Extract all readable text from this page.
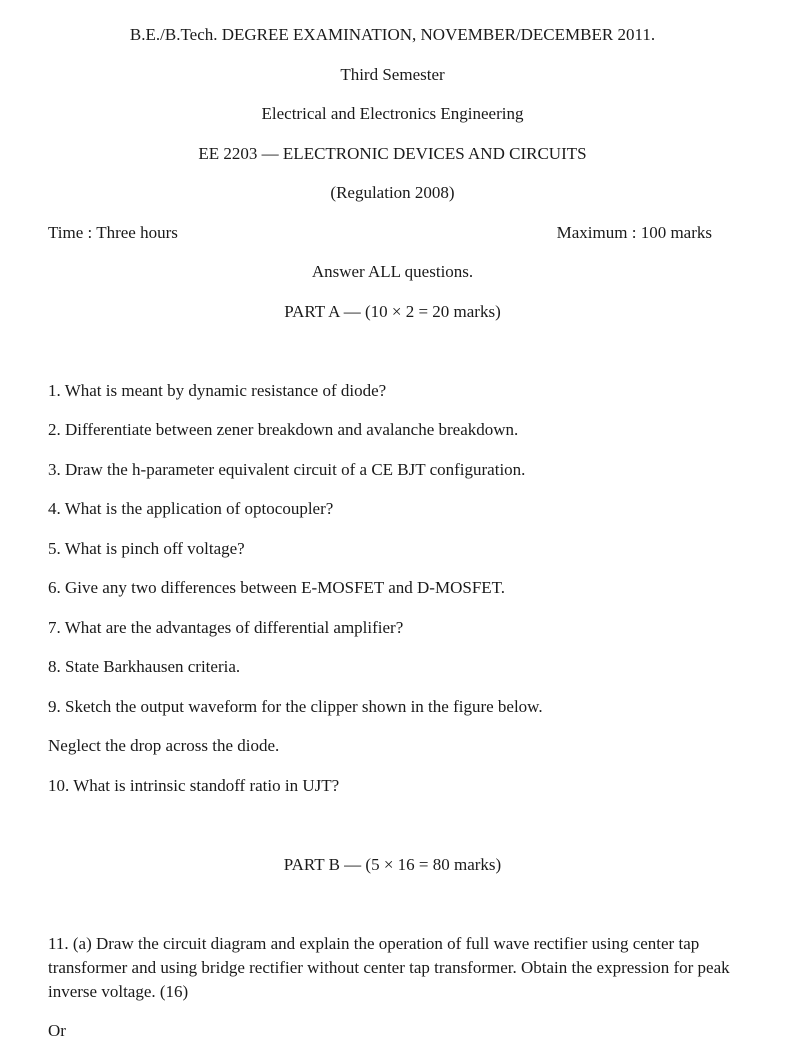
B.E./B.Tech. DEGREE EXAMINATION, NOVEMBER/DECEMBER 2011.
Third Semester
Electrical and Electronics Engineering
EE 2203 — ELECTRONIC DEVICES AND CIRCUITS
(Regulation 2008)
Time : Three hours	Maximum : 100 marks
Answer ALL questions.
PART A — (10 × 2 = 20 marks)
1. What is meant by dynamic resistance of diode?
2. Differentiate between zener breakdown and avalanche breakdown.
3. Draw the h-parameter equivalent circuit of a CE BJT configuration.
4. What is the application of optocoupler?
5. What is pinch off voltage?
6. Give any two differences between E-MOSFET and D-MOSFET.
7. What are the advantages of differential amplifier?
8. State Barkhausen criteria.
9. Sketch the output waveform for the clipper shown in the figure below.
Neglect the drop across the diode.
10. What is intrinsic standoff ratio in UJT?
PART B — (5 × 16 = 80 marks)
11. (a) Draw the circuit diagram and explain the operation of full wave rectifier using center tap transformer and using bridge rectifier without center tap transformer. Obtain the expression for peak inverse voltage. (16)
Or
